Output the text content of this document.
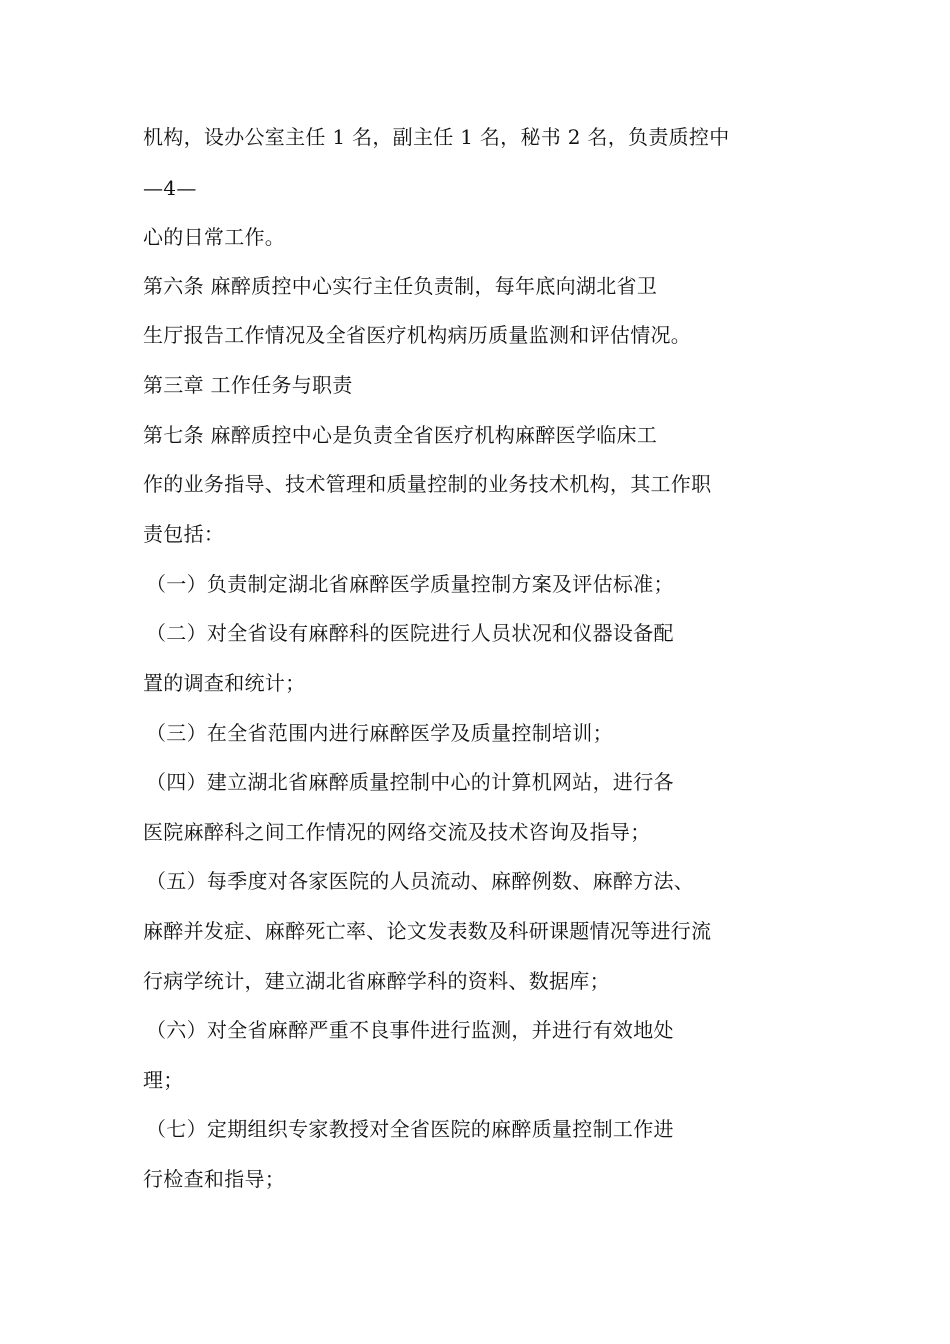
机构，设办公室主任 1 名，副主任 1 名，秘书 2 名，负责质控中
—4—
心的日常工作。
第六条 麻醉质控中心实行主任负责制，每年底向湖北省卫
生厅报告工作情况及全省医疗机构病历质量监测和评估情况。
第三章 工作任务与职责
第七条 麻醉质控中心是负责全省医疗机构麻醉医学临床工
作的业务指导、技术管理和质量控制的业务技术机构，其工作职
责包括：
（一）负责制定湖北省麻醉医学质量控制方案及评估标准；
（二）对全省设有麻醉科的医院进行人员状况和仪器设备配
置的调查和统计；
（三）在全省范围内进行麻醉医学及质量控制培训；
（四）建立湖北省麻醉质量控制中心的计算机网站，进行各
医院麻醉科之间工作情况的网络交流及技术咨询及指导；
（五）每季度对各家医院的人员流动、麻醉例数、麻醉方法、
麻醉并发症、麻醉死亡率、论文发表数及科研课题情况等进行流
行病学统计，建立湖北省麻醉学科的资料、数据库；
（六）对全省麻醉严重不良事件进行监测，并进行有效地处
理；
（七）定期组织专家教授对全省医院的麻醉质量控制工作进
行检查和指导；
